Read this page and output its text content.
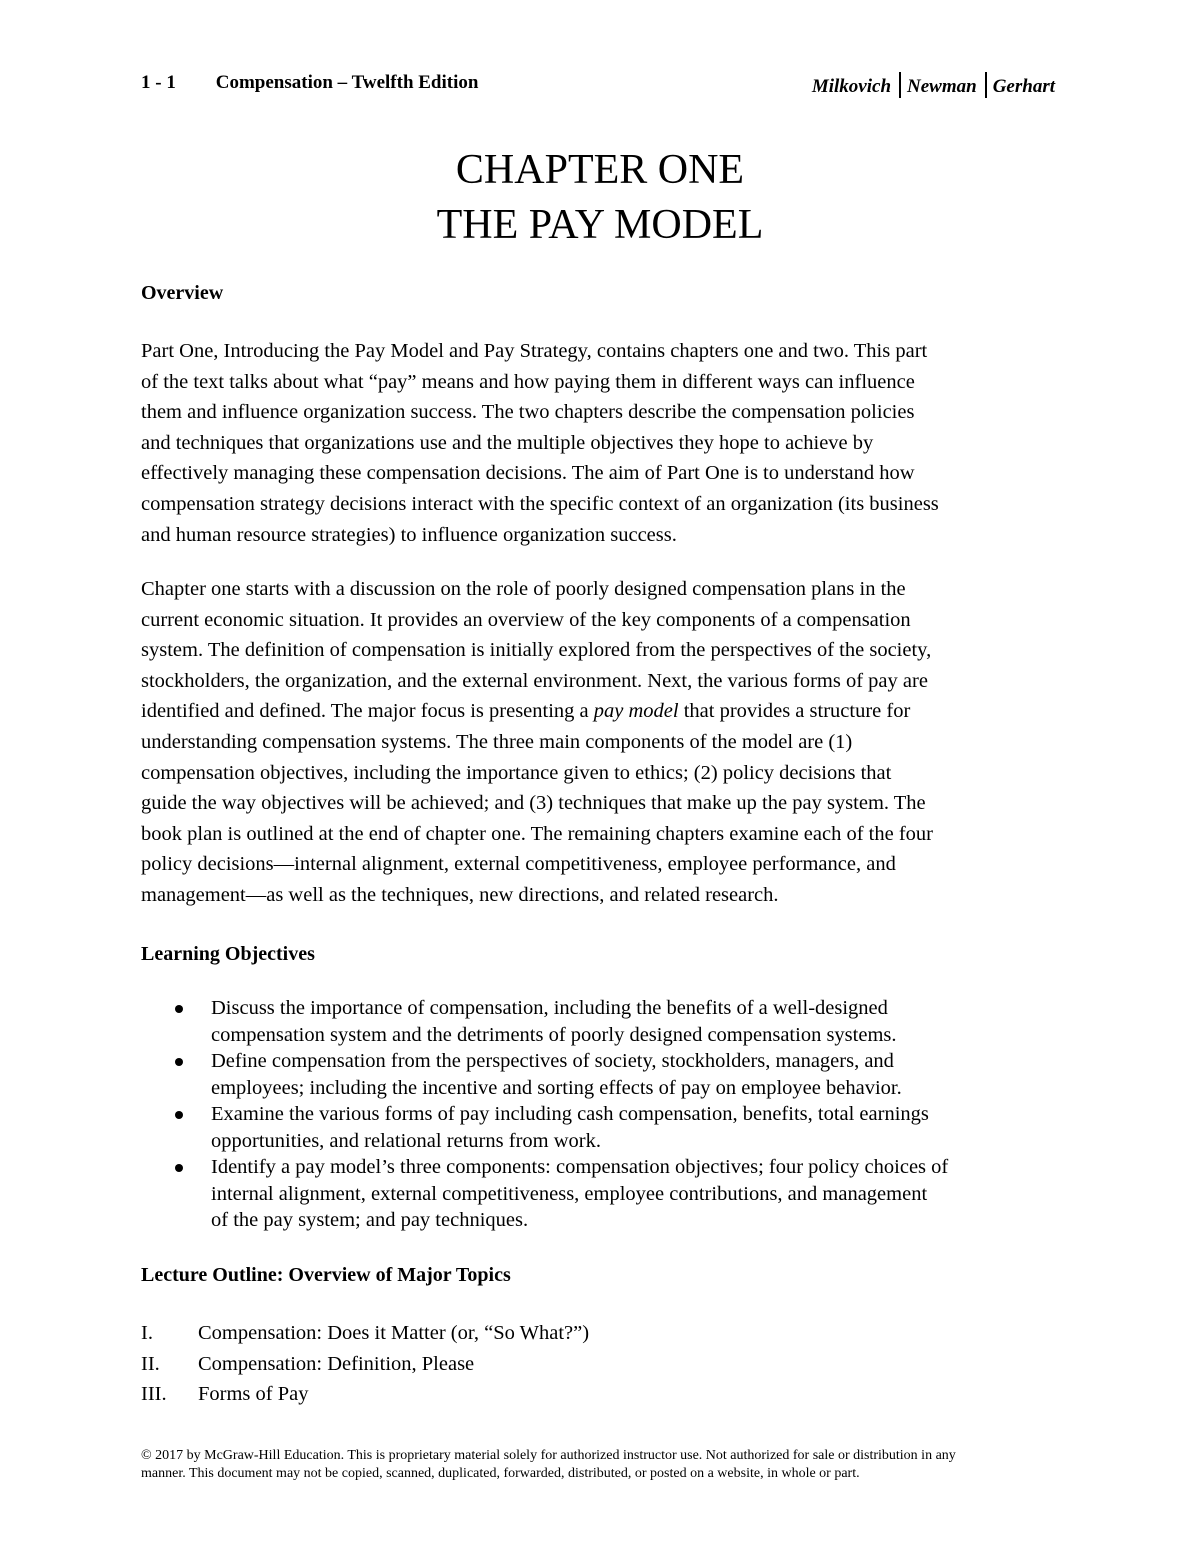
1 - 1 Compensation – Twelfth Edition	Milkovich Newman Gerhart
CHAPTER ONE
THE PAY MODEL
Overview
Part One, Introducing the Pay Model and Pay Strategy, contains chapters one and two. This part
of the text talks about what “pay” means and how paying them in different ways can influence
them and influence organization success. The two chapters describe the compensation policies
and techniques that organizations use and the multiple objectives they hope to achieve by
effectively managing these compensation decisions. The aim of Part One is to understand how
compensation strategy decisions interact with the specific context of an organization (its business
and human resource strategies) to influence organization success.
Chapter one starts with a discussion on the role of poorly designed compensation plans in the
current economic situation. It provides an overview of the key components of a compensation
system. The definition of compensation is initially explored from the perspectives of the society,
stockholders, the organization, and the external environment. Next, the various forms of pay are
identified and defined. The major focus is presenting a pay model that provides a structure for
understanding compensation systems. The three main components of the model are (1)
compensation objectives, including the importance given to ethics; (2) policy decisions that
guide the way objectives will be achieved; and (3) techniques that make up the pay system. The
book plan is outlined at the end of chapter one. The remaining chapters examine each of the four
policy decisions—internal alignment, external competitiveness, employee performance, and
management—as well as the techniques, new directions, and related research.
Learning Objectives
Discuss the importance of compensation, including the benefits of a well-designed
compensation system and the detriments of poorly designed compensation systems.
Define compensation from the perspectives of society, stockholders, managers, and
employees; including the incentive and sorting effects of pay on employee behavior.
Examine the various forms of pay including cash compensation, benefits, total earnings
opportunities, and relational returns from work.
Identify a pay model’s three components: compensation objectives; four policy choices of
internal alignment, external competitiveness, employee contributions, and management
of the pay system; and pay techniques.
Lecture Outline: Overview of Major Topics
I. Compensation: Does it Matter (or, “So What?”)
II. Compensation: Definition, Please
III. Forms of Pay
© 2017 by McGraw-Hill Education. This is proprietary material solely for authorized instructor use. Not authorized for sale or distribution in any
manner. This document may not be copied, scanned, duplicated, forwarded, distributed, or posted on a website, in whole or part.
